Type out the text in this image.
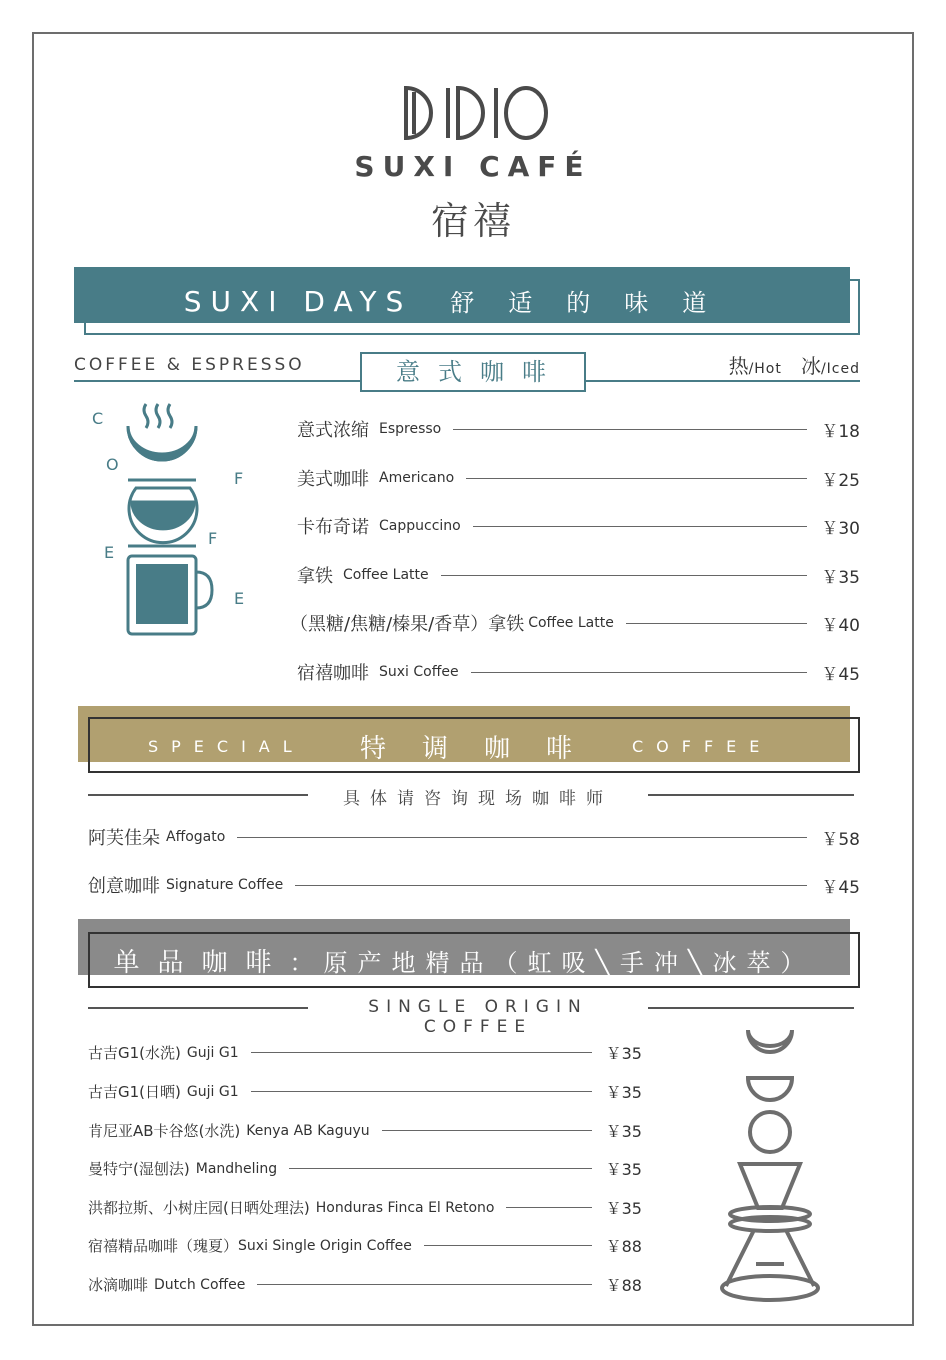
SUXI CAFÉ
宿禧
SUXI DAYS 舒适的味道
COFFEE & ESPRESSO	意式咖啡	热/Hot 冰/Iced
C
O
F
F
E
E
意式浓缩 Espresso	￥18
美式咖啡 Americano	￥25
卡布奇诺 Cappuccino	￥30
拿铁 Coffee Latte	￥35
（黑糖/焦糖/榛果/香草）拿铁 Coffee Latte	￥40
宿禧咖啡 Suxi Coffee	￥45
SPECIAL 特调咖啡 COFFEE
具体请咨询现场咖啡师
阿芙佳朵 Affogato	￥58
创意咖啡 Signature Coffee	￥45
单品咖啡：原产地精品（虹吸╲手冲╲冰萃）
SINGLE ORIGIN COFFEE
古吉G1 (水洗) Guji G1	￥35
古吉G1 (日晒) Guji G1	￥35
肯尼亚AB卡谷悠 (水洗) Kenya AB Kaguyu	￥35
曼特宁 (湿刨法) Mandheling	￥35
洪都拉斯、小树庄园 (日晒处理法) Honduras Finca El Retono	￥35
宿禧精品咖啡 （瑰夏） Suxi Single Origin Coffee	￥88
冰滴咖啡 Dutch Coffee	￥88
